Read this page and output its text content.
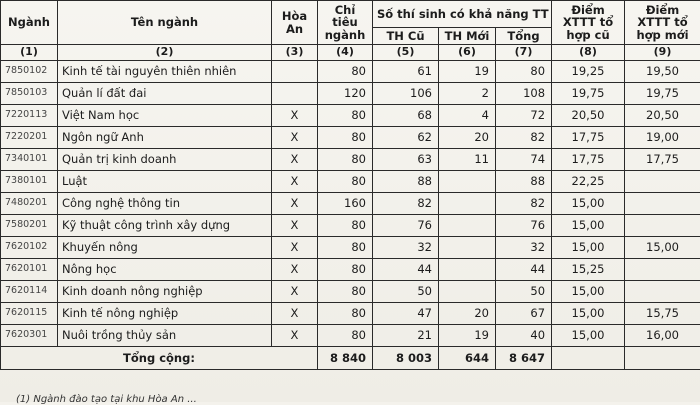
Ngành	Tên ngành	Hòa An	Chỉ tiêu ngành	Số thí sinh có khả năng TT			Điểm XTTT tổ hợp cũ	Điểm XTTT tổ hợp mới
				TH Cũ	TH Mới	Tổng		
(1)	(2)	(3)	(4)	(5)	(6)	(7)	(8)	(9)
7850102	Kinh tế tài nguyên thiên nhiên		80	61	19	80	19,25	19,50
7850103	Quản lí đất đai		120	106	2	108	19,75	19,75
7220113	Việt Nam học	X	80	68	4	72	20,50	20,50
7220201	Ngôn ngữ Anh	X	80	62	20	82	17,75	19,00
7340101	Quản trị kinh doanh	X	80	63	11	74	17,75	17,75
7380101	Luật	X	80	88		88	22,25	
7480201	Công nghệ thông tin	X	160	82		82	15,00	
7580201	Kỹ thuật công trình xây dựng	X	80	76		76	15,00	
7620102	Khuyến nông	X	80	32		32	15,00	15,00
7620101	Nông học	X	80	44		44	15,25	
7620114	Kinh doanh nông nghiệp	X	80	50		50	15,00	
7620115	Kinh tế nông nghiệp	X	80	47	20	67	15,00	15,75
7620301	Nuôi trồng thủy sản	X	80	21	19	40	15,00	16,00
Tổng cộng:			8 840	8 003	644	8 647		
(1) Ngành đào tạo tại khu Hòa An ...
